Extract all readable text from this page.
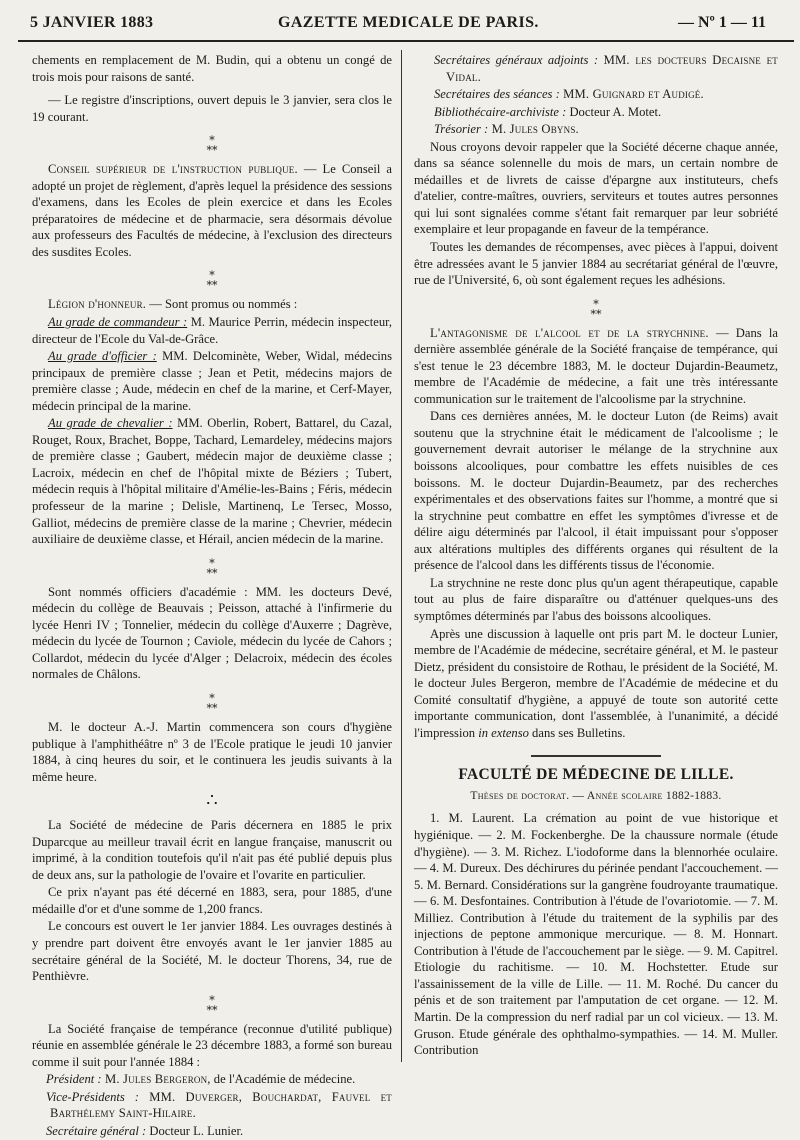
5 JANVIER 1883	GAZETTE MEDICALE DE PARIS.	— Nº 1 — 11

chements en remplacement de M. Budin, qui a obtenu un congé de trois mois pour raisons de santé.

— Le registre d'inscriptions, ouvert depuis le 3 janvier, sera clos le 19 courant.

⁎
⁎⁎

Conseil supérieur de l'instruction publique. — Le Conseil a adopté un projet de règlement, d'après lequel la présidence des sessions d'examens, dans les Ecoles de plein exercice et dans les Ecoles préparatoires de médecine et de pharmacie, sera désormais dévolue aux professeurs des Facultés de médecine, à l'exclusion des directeurs des susdites Ecoles.

⁎
⁎⁎

Légion d'honneur. — Sont promus ou nommés :

Au grade de commandeur : M. Maurice Perrin, médecin inspecteur, directeur de l'Ecole du Val-de-Grâce.

Au grade d'officier : MM. Delcominète, Weber, Widal, médecins principaux de première classe ; Jean et Petit, médecins majors de première classe ; Aude, médecin en chef de la marine, et Cerf-Mayer, médecin principal de la marine.

Au grade de chevalier : MM. Oberlin, Robert, Battarel, du Cazal, Rouget, Roux, Brachet, Boppe, Tachard, Lemardeley, médecins majors de première classe ; Gaubert, médecin major de deuxième classe ; Lacroix, médecin en chef de l'hôpital mixte de Béziers ; Tubert, médecin requis à l'hôpital militaire d'Amélie-les-Bains ; Féris, médecin professeur de la marine ; Delisle, Martinenq, Le Tersec, Mosso, Galliot, médecins de première classe de la marine ; Chevrier, médecin auxiliaire de deuxième classe, et Hérail, ancien médecin de la marine.

⁎
⁎⁎

Sont nommés officiers d'académie : MM. les docteurs Devé, médecin du collège de Beauvais ; Peisson, attaché à l'infirmerie du lycée Henri IV ; Tonnelier, médecin du collège d'Auxerre ; Dagrève, médecin du lycée de Tournon ; Caviole, médecin du lycée de Cahors ; Collardot, médecin du lycée d'Alger ; Delacroix, médecin des écoles normales de Châlons.

⁎
⁎⁎

M. le docteur A.-J. Martin commencera son cours d'hygiène publique à l'amphithéâtre nº 3 de l'Ecole pratique le jeudi 10 janvier 1884, à cinq heures du soir, et le continuera les jeudis suivants à la même heure.

∴

La Société de médecine de Paris décernera en 1885 le prix Duparcque au meilleur travail écrit en langue française, manuscrit ou imprimé, à la condition toutefois qu'il n'ait pas été publié depuis plus de deux ans, sur la pathologie de l'ovaire et l'ovarite en particulier.

Ce prix n'ayant pas été décerné en 1883, sera, pour 1885, d'une médaille d'or et d'une somme de 1,200 francs.

Le concours est ouvert le 1er janvier 1884. Les ouvrages destinés à y prendre part doivent être envoyés avant le 1er janvier 1885 au secrétaire général de la Société, M. le docteur Thorens, 34, rue de Penthièvre.

⁎
⁎⁎

La Société française de tempérance (reconnue d'utilité publique) réunie en assemblée générale le 23 décembre 1883, a formé son bureau comme il suit pour l'année 1884 :

Président : M. Jules Bergeron, de l'Académie de médecine.

Vice-Présidents : MM. Duverger, Bouchardat, Fauvel et Barthélemy Saint-Hilaire.

Secrétaire général : Docteur L. Lunier.

Secrétaires généraux adjoints : MM. les docteurs Decaisne et Vidal.

Secrétaires des séances : MM. Guignard et Audigé.

Bibliothécaire-archiviste : Docteur A. Motet.

Trésorier : M. Jules Obyns.

Nous croyons devoir rappeler que la Société décerne chaque année, dans sa séance solennelle du mois de mars, un certain nombre de médailles et de livrets de caisse d'épargne aux instituteurs, chefs d'atelier, contre-maîtres, ouvriers, serviteurs et toutes autres personnes qui lui sont signalées comme s'étant fait remarquer par leur sobriété exemplaire et leur propagande en faveur de la tempérance.

Toutes les demandes de récompenses, avec pièces à l'appui, doivent être adressées avant le 5 janvier 1884 au secrétariat général de l'œuvre, rue de l'Université, 6, où sont également reçues les adhésions.

⁎
⁎⁎

L'antagonisme de l'alcool et de la strychnine. — Dans la dernière assemblée générale de la Société française de tempérance, qui s'est tenue le 23 décembre 1883, M. le docteur Dujardin-Beaumetz, membre de l'Académie de médecine, a fait une très intéressante communication sur le traitement de l'alcoolisme par la strychnine.

Dans ces dernières années, M. le docteur Luton (de Reims) avait soutenu que la strychnine était le médicament de l'alcoolisme ; le gouvernement devrait autoriser le mélange de la strychnine aux boissons alcooliques, pour combattre les effets nuisibles de ces boissons. M. le docteur Dujardin-Beaumetz, par des recherches expérimentales et des observations faites sur l'homme, a montré que si la strychnine peut combattre en effet les symptômes d'ivresse et de délire aigu déterminés par l'alcool, il était impuissant pour s'opposer aux altérations multiples des différents organes qui résultent de la présence de l'alcool dans les différents tissus de l'économie.

La strychnine ne reste donc plus qu'un agent thérapeutique, capable tout au plus de faire disparaître ou d'atténuer quelques-uns des symptômes déterminés par l'abus des boissons alcooliques.

Après une discussion à laquelle ont pris part M. le docteur Lunier, membre de l'Académie de médecine, secrétaire général, et M. le pasteur Dietz, président du consistoire de Rothau, le président de la Société, M. le docteur Jules Bergeron, membre de l'Académie de médecine et du Comité consultatif d'hygiène, a appuyé de toute son autorité cette importante communication, dont l'assemblée, à l'unanimité, a décidé l'impression in extenso dans ses Bulletins.

FACULTÉ DE MÉDECINE DE LILLE.
Thèses de doctorat. — Année scolaire 1882-1883.

1. M. Laurent. La crémation au point de vue historique et hygiénique. — 2. M. Fockenberghe. De la chaussure normale (étude d'hygiène). — 3. M. Richez. L'iodoforme dans la blennorhée oculaire. — 4. M. Dureux. Des déchirures du périnée pendant l'accouchement. — 5. M. Bernard. Considérations sur la gangrène foudroyante traumatique. — 6. M. Desfontaines. Contribution à l'étude de l'ovariotomie. — 7. M. Milliez. Contribution à l'étude du traitement de la syphilis par des injections de peptone ammonique mercurique. — 8. M. Honnart. Contribution à l'étude de l'accouchement par le siège. — 9. M. Capitrel. Etiologie du rachitisme. — 10. M. Hochstetter. Etude sur l'assainissement de la ville de Lille. — 11. M. Roché. Du cancer du pénis et de son traitement par l'amputation de cet organe. — 12. M. Martin. De la compression du nerf radial par un col vicieux. — 13. M. Gruson. Etude générale des ophthalmo-sympathies. — 14. M. Muller. Contribution
